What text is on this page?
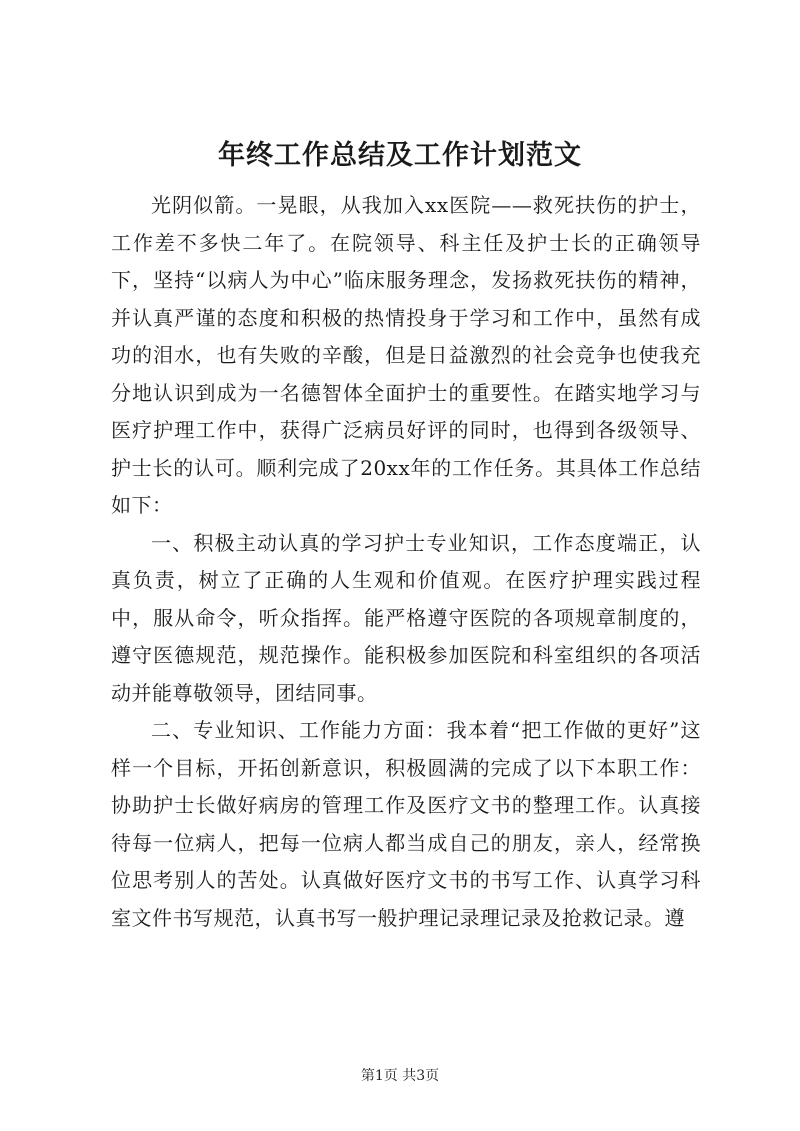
年终工作总结及工作计划范文

光阴似箭。一晃眼，从我加入xx医院——救死扶伤的护士，工作差不多快二年了。在院领导、科主任及护士长的正确领导下，坚持“以病人为中心”临床服务理念，发扬救死扶伤的精神，并认真严谨的态度和积极的热情投身于学习和工作中，虽然有成功的泪水，也有失败的辛酸，但是日益激烈的社会竞争也使我充分地认识到成为一名德智体全面护士的重要性。在踏实地学习与医疗护理工作中，获得广泛病员好评的同时，也得到各级领导、护士长的认可。顺利完成了20xx年的工作任务。其具体工作总结如下：

一、积极主动认真的学习护士专业知识，工作态度端正，认真负责，树立了正确的人生观和价值观。在医疗护理实践过程中，服从命令，听众指挥。能严格遵守医院的各项规章制度的，遵守医德规范，规范操作。能积极参加医院和科室组织的各项活动并能尊敬领导，团结同事。

二、专业知识、工作能力方面：我本着“把工作做的更好”这样一个目标，开拓创新意识，积极圆满的完成了以下本职工作：协助护士长做好病房的管理工作及医疗文书的整理工作。认真接待每一位病人，把每一位病人都当成自己的朋友，亲人，经常换位思考别人的苦处。认真做好医疗文书的书写工作、认真学习科室文件书写规范，认真书写一般护理记录理记录及抢救记录。遵

第1页 共3页
